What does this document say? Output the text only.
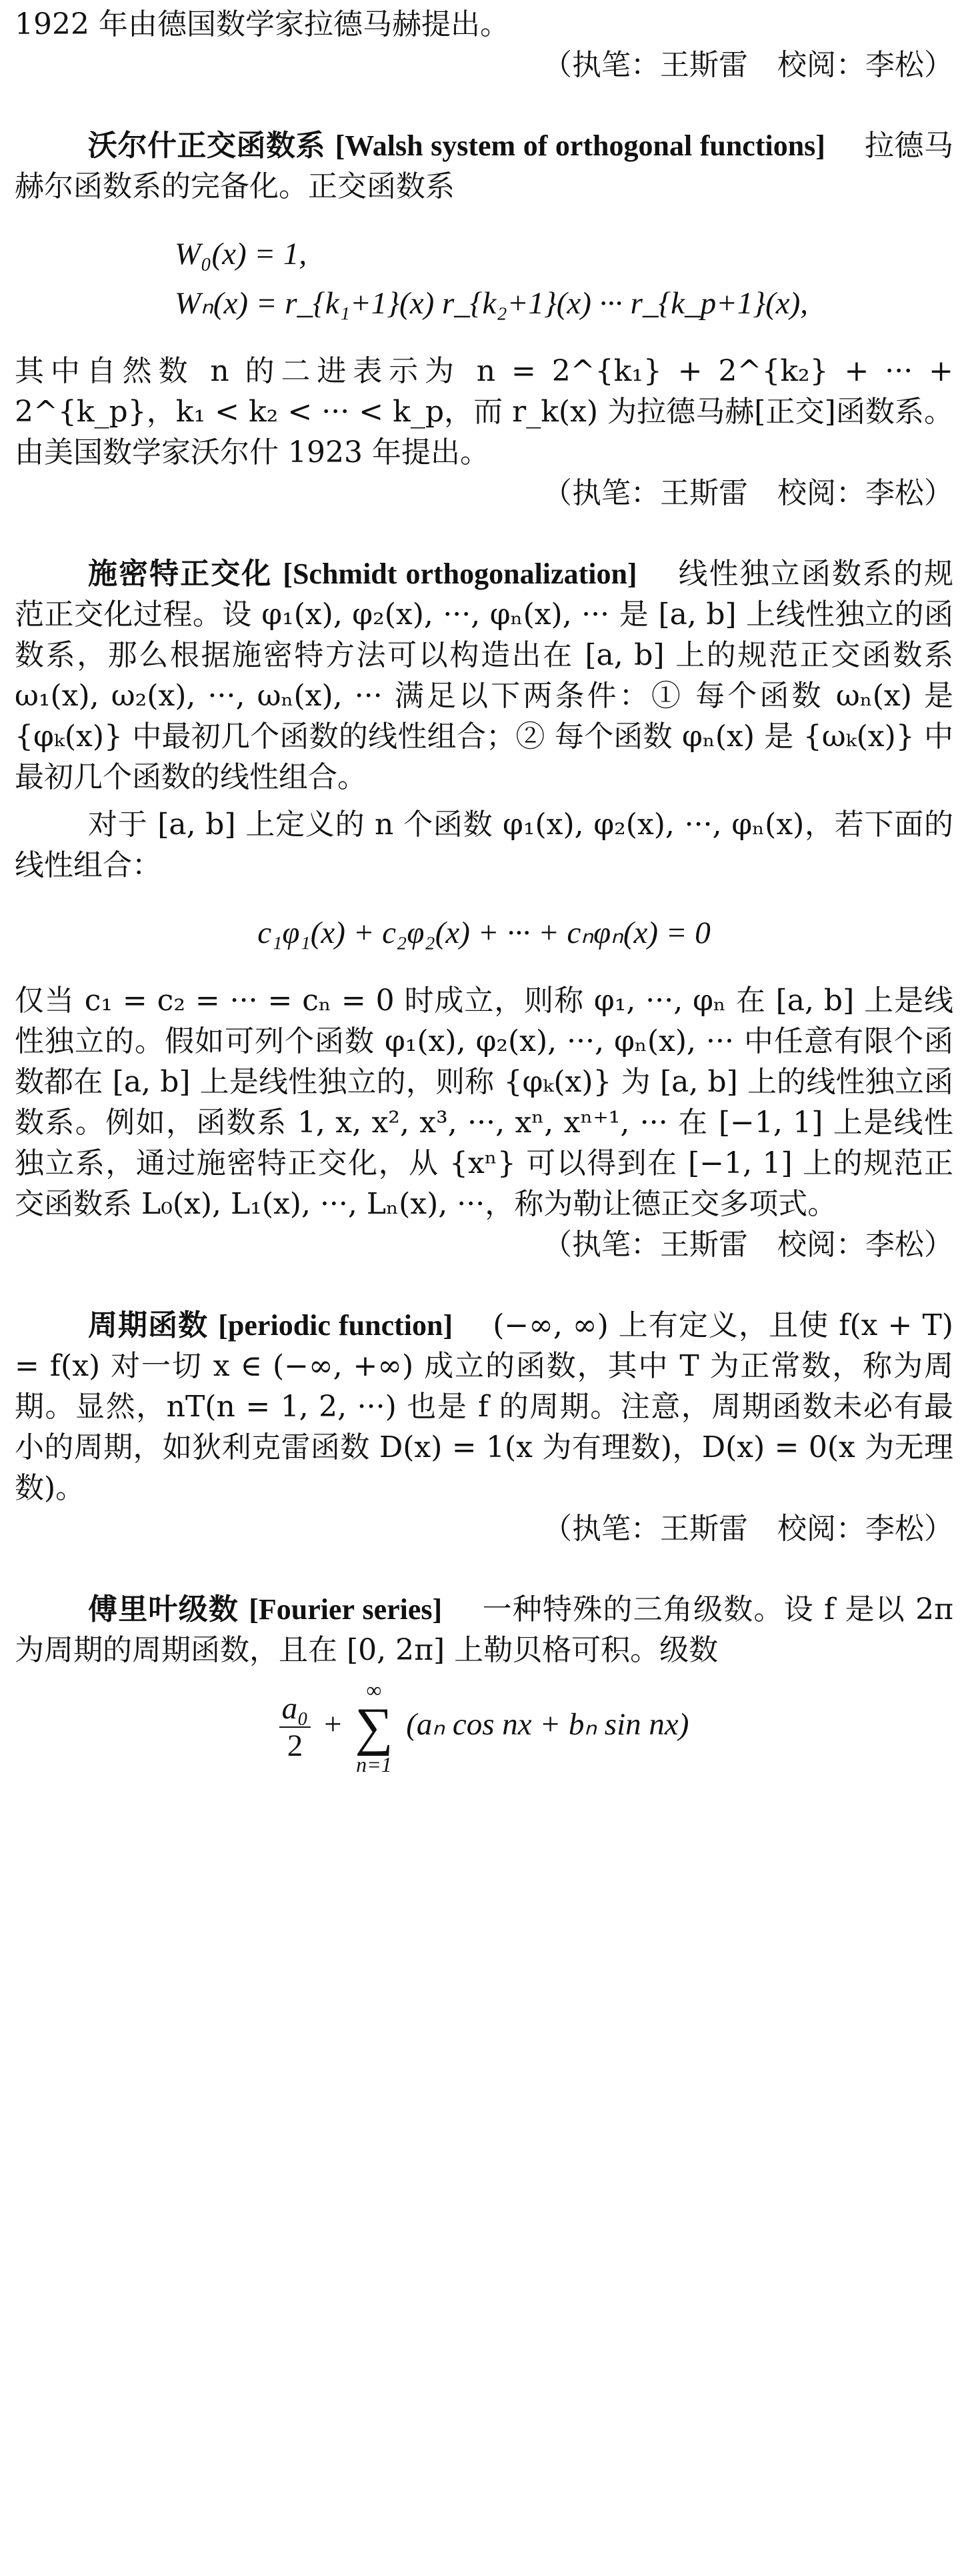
1922 年由德国数学家拉德马赫提出。

（执笔：王斯雷　校阅：李松）

沃尔什正交函数系 [Walsh system of orthogonal functions] 　 拉德马赫尔函数系的完备化。正交函数系

W₀(x) = 1,
Wₙ(x) = r_{k₁+1}(x) r_{k₂+1}(x) ··· r_{k_p+1}(x),

其中自然数 n 的二进表示为 n = 2^{k₁} + 2^{k₂} + ··· + 2^{k_p}，k₁ < k₂ < ··· < k_p，而 r_k(x) 为拉德马赫[正交]函数系。由美国数学家沃尔什 1923 年提出。

（执笔：王斯雷　校阅：李松）

施密特正交化 [Schmidt orthogonalization] 　 线性独立函数系的规范正交化过程。设 φ₁(x), φ₂(x), ···, φₙ(x), ··· 是 [a, b] 上线性独立的函数系，那么根据施密特方法可以构造出在 [a, b] 上的规范正交函数系 ω₁(x), ω₂(x), ···, ωₙ(x), ··· 满足以下两条件：① 每个函数 ωₙ(x) 是 {φₖ(x)} 中最初几个函数的线性组合；② 每个函数 φₙ(x) 是 {ωₖ(x)} 中最初几个函数的线性组合。

对于 [a, b] 上定义的 n 个函数 φ₁(x), φ₂(x), ···, φₙ(x)，若下面的线性组合：

c₁φ₁(x) + c₂φ₂(x) + ··· + cₙφₙ(x) = 0

仅当 c₁ = c₂ = ··· = cₙ = 0 时成立，则称 φ₁, ···, φₙ 在 [a, b] 上是线性独立的。假如可列个函数 φ₁(x), φ₂(x), ···, φₙ(x), ··· 中任意有限个函数都在 [a, b] 上是线性独立的，则称 {φₖ(x)} 为 [a, b] 上的线性独立函数系。例如，函数系 1, x, x², x³, ···, xⁿ, xⁿ⁺¹, ··· 在 [−1, 1] 上是线性独立系，通过施密特正交化，从 {xⁿ} 可以得到在 [−1, 1] 上的规范正交函数系 L₀(x), L₁(x), ···, Lₙ(x), ···，称为勒让德正交多项式。

（执笔：王斯雷　校阅：李松）

周期函数 [periodic function] 　 (−∞, ∞) 上有定义，且使 f(x + T) = f(x) 对一切 x ∈ (−∞, +∞) 成立的函数，其中 T 为正常数，称为周期。显然，nT(n = 1, 2, ···) 也是 f 的周期。注意，周期函数未必有最小的周期，如狄利克雷函数 D(x) = 1(x 为有理数)，D(x) = 0(x 为无理数)。

（执笔：王斯雷　校阅：李松）

傅里叶级数 [Fourier series] 　 一种特殊的三角级数。设 f 是以 2π 为周期的周期函数，且在 [0, 2π] 上勒贝格可积。级数

$\frac{\text{a₀}}{2}$ +
∞
∑
n=1
(aₙ cos nx + bₙ sin nx)
